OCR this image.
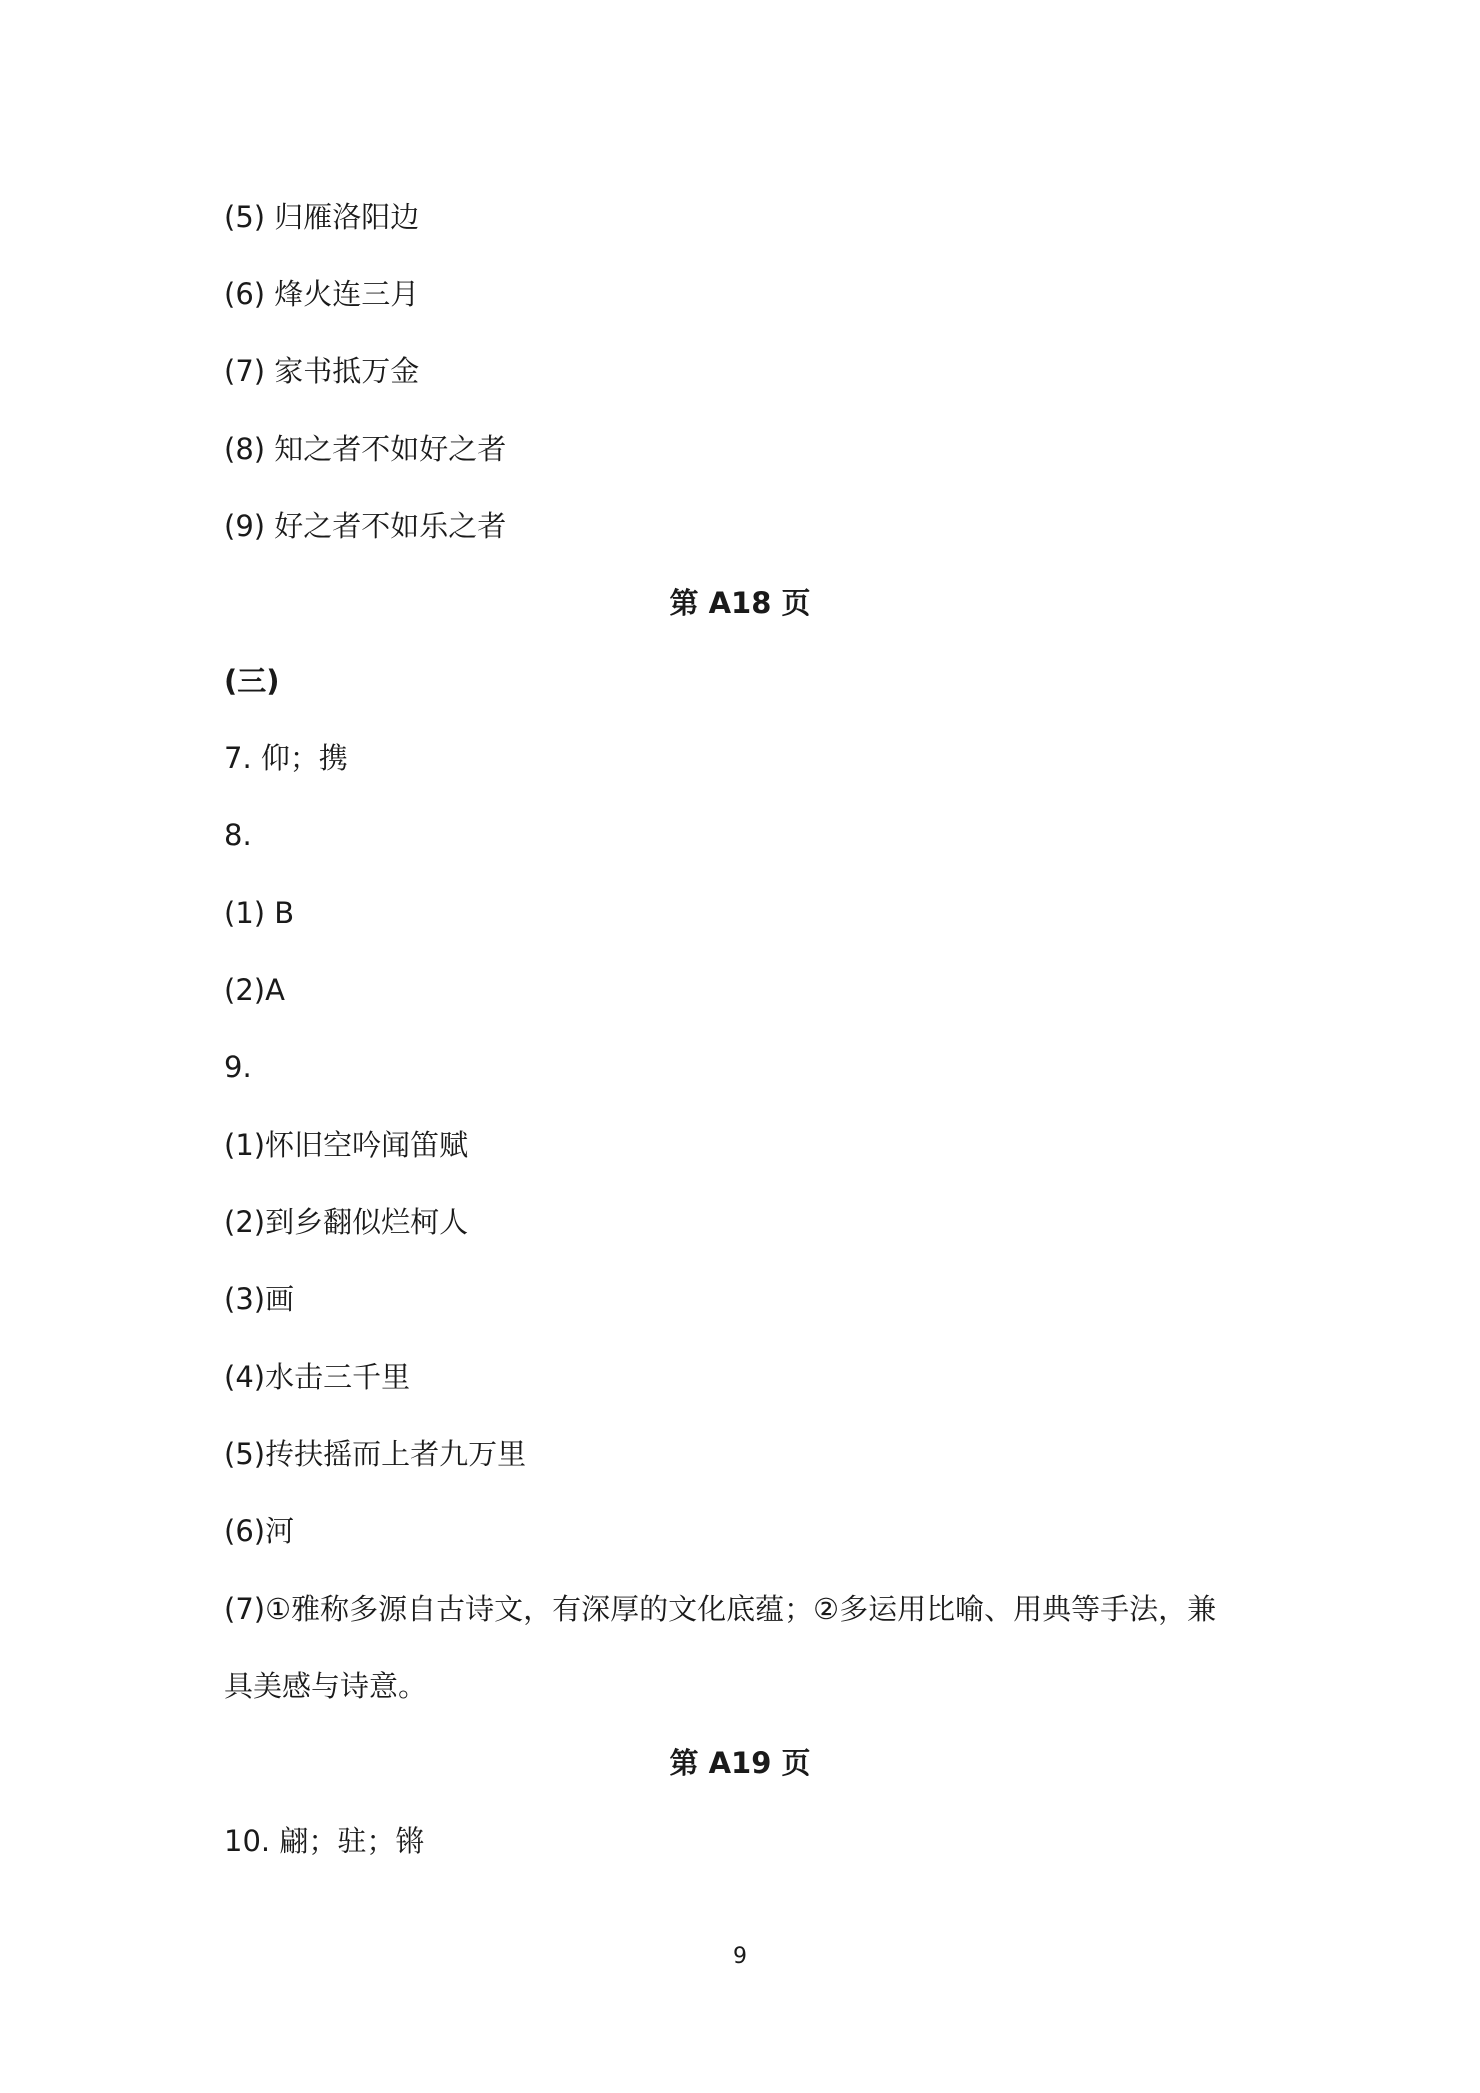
(5) 归雁洛阳边
(6) 烽火连三月
(7) 家书抵万金
(8) 知之者不如好之者
(9) 好之者不如乐之者
第 A18 页
(三)
7. 仰；携
8.
(1) B
(2)A
9.
(1)怀旧空吟闻笛赋
(2)到乡翻似烂柯人
(3)画
(4)水击三千里
(5)抟扶摇而上者九万里
(6)河
(7)①雅称多源自古诗文，有深厚的文化底蕴；②多运用比喻、用典等手法，兼
具美感与诗意。
第 A19 页
10. 翩；驻；锵
9
